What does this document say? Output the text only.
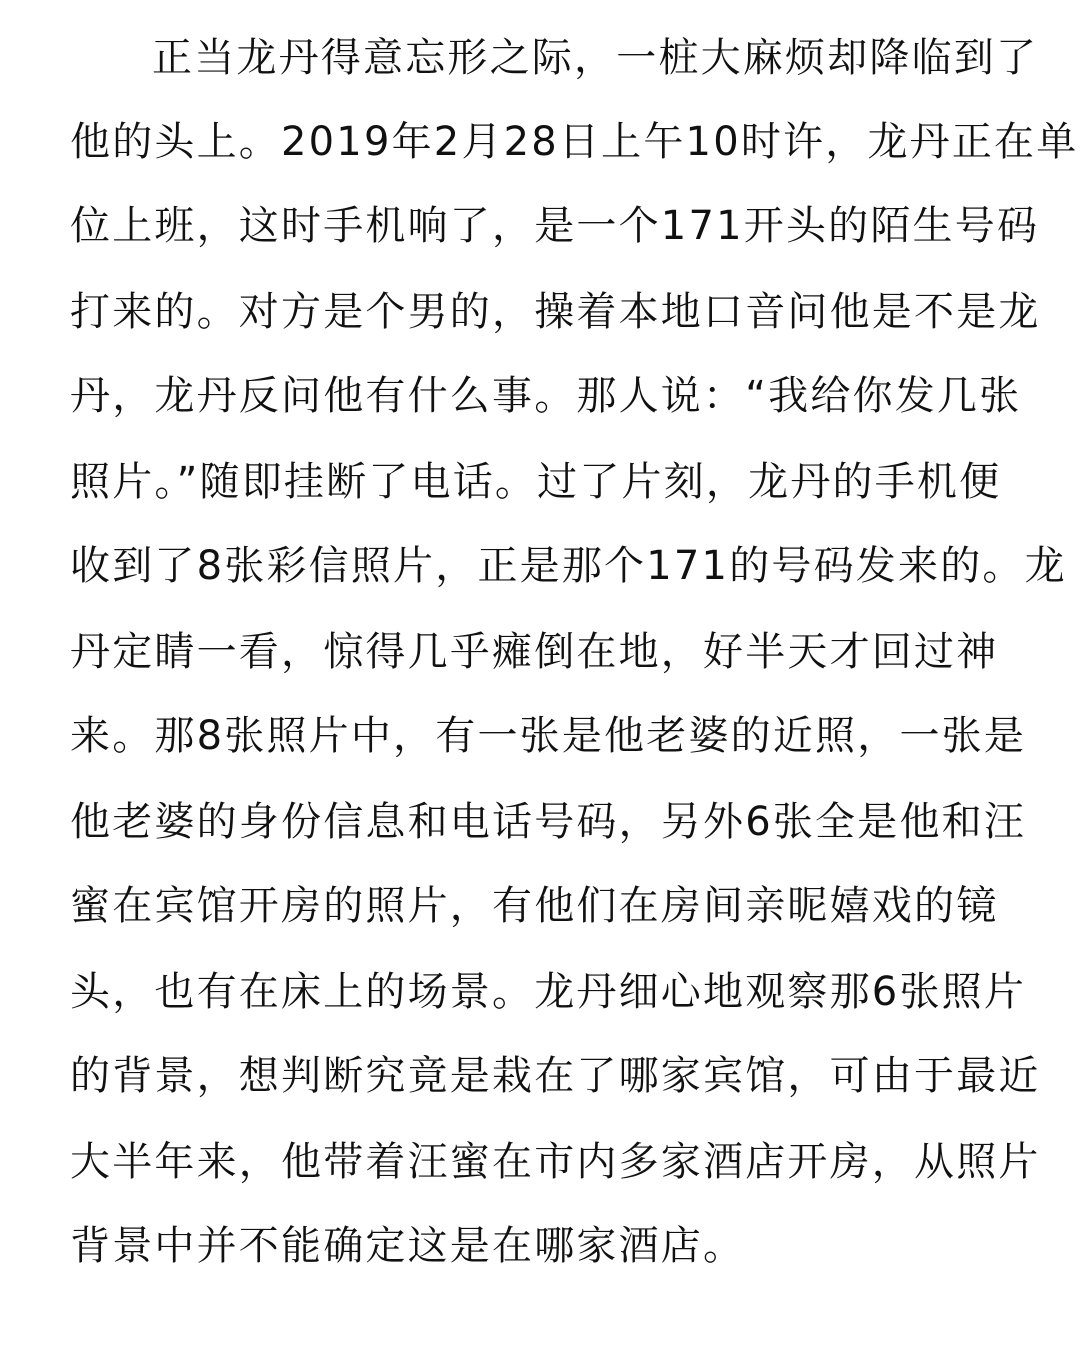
正当龙丹得意忘形之际，一桩大麻烦却降临到了
他的头上。2019年2月28日上午10时许，龙丹正在单
位上班，这时手机响了，是一个171开头的陌生号码
打来的。对方是个男的，操着本地口音问他是不是龙
丹，龙丹反问他有什么事。那人说：“我给你发几张
照片。”随即挂断了电话。过了片刻，龙丹的手机便
收到了8张彩信照片，正是那个171的号码发来的。龙
丹定睛一看，惊得几乎瘫倒在地，好半天才回过神
来。那8张照片中，有一张是他老婆的近照，一张是
他老婆的身份信息和电话号码，另外6张全是他和汪
蜜在宾馆开房的照片，有他们在房间亲昵嬉戏的镜
头，也有在床上的场景。龙丹细心地观察那6张照片
的背景，想判断究竟是栽在了哪家宾馆，可由于最近
大半年来，他带着汪蜜在市内多家酒店开房，从照片
背景中并不能确定这是在哪家酒店。
